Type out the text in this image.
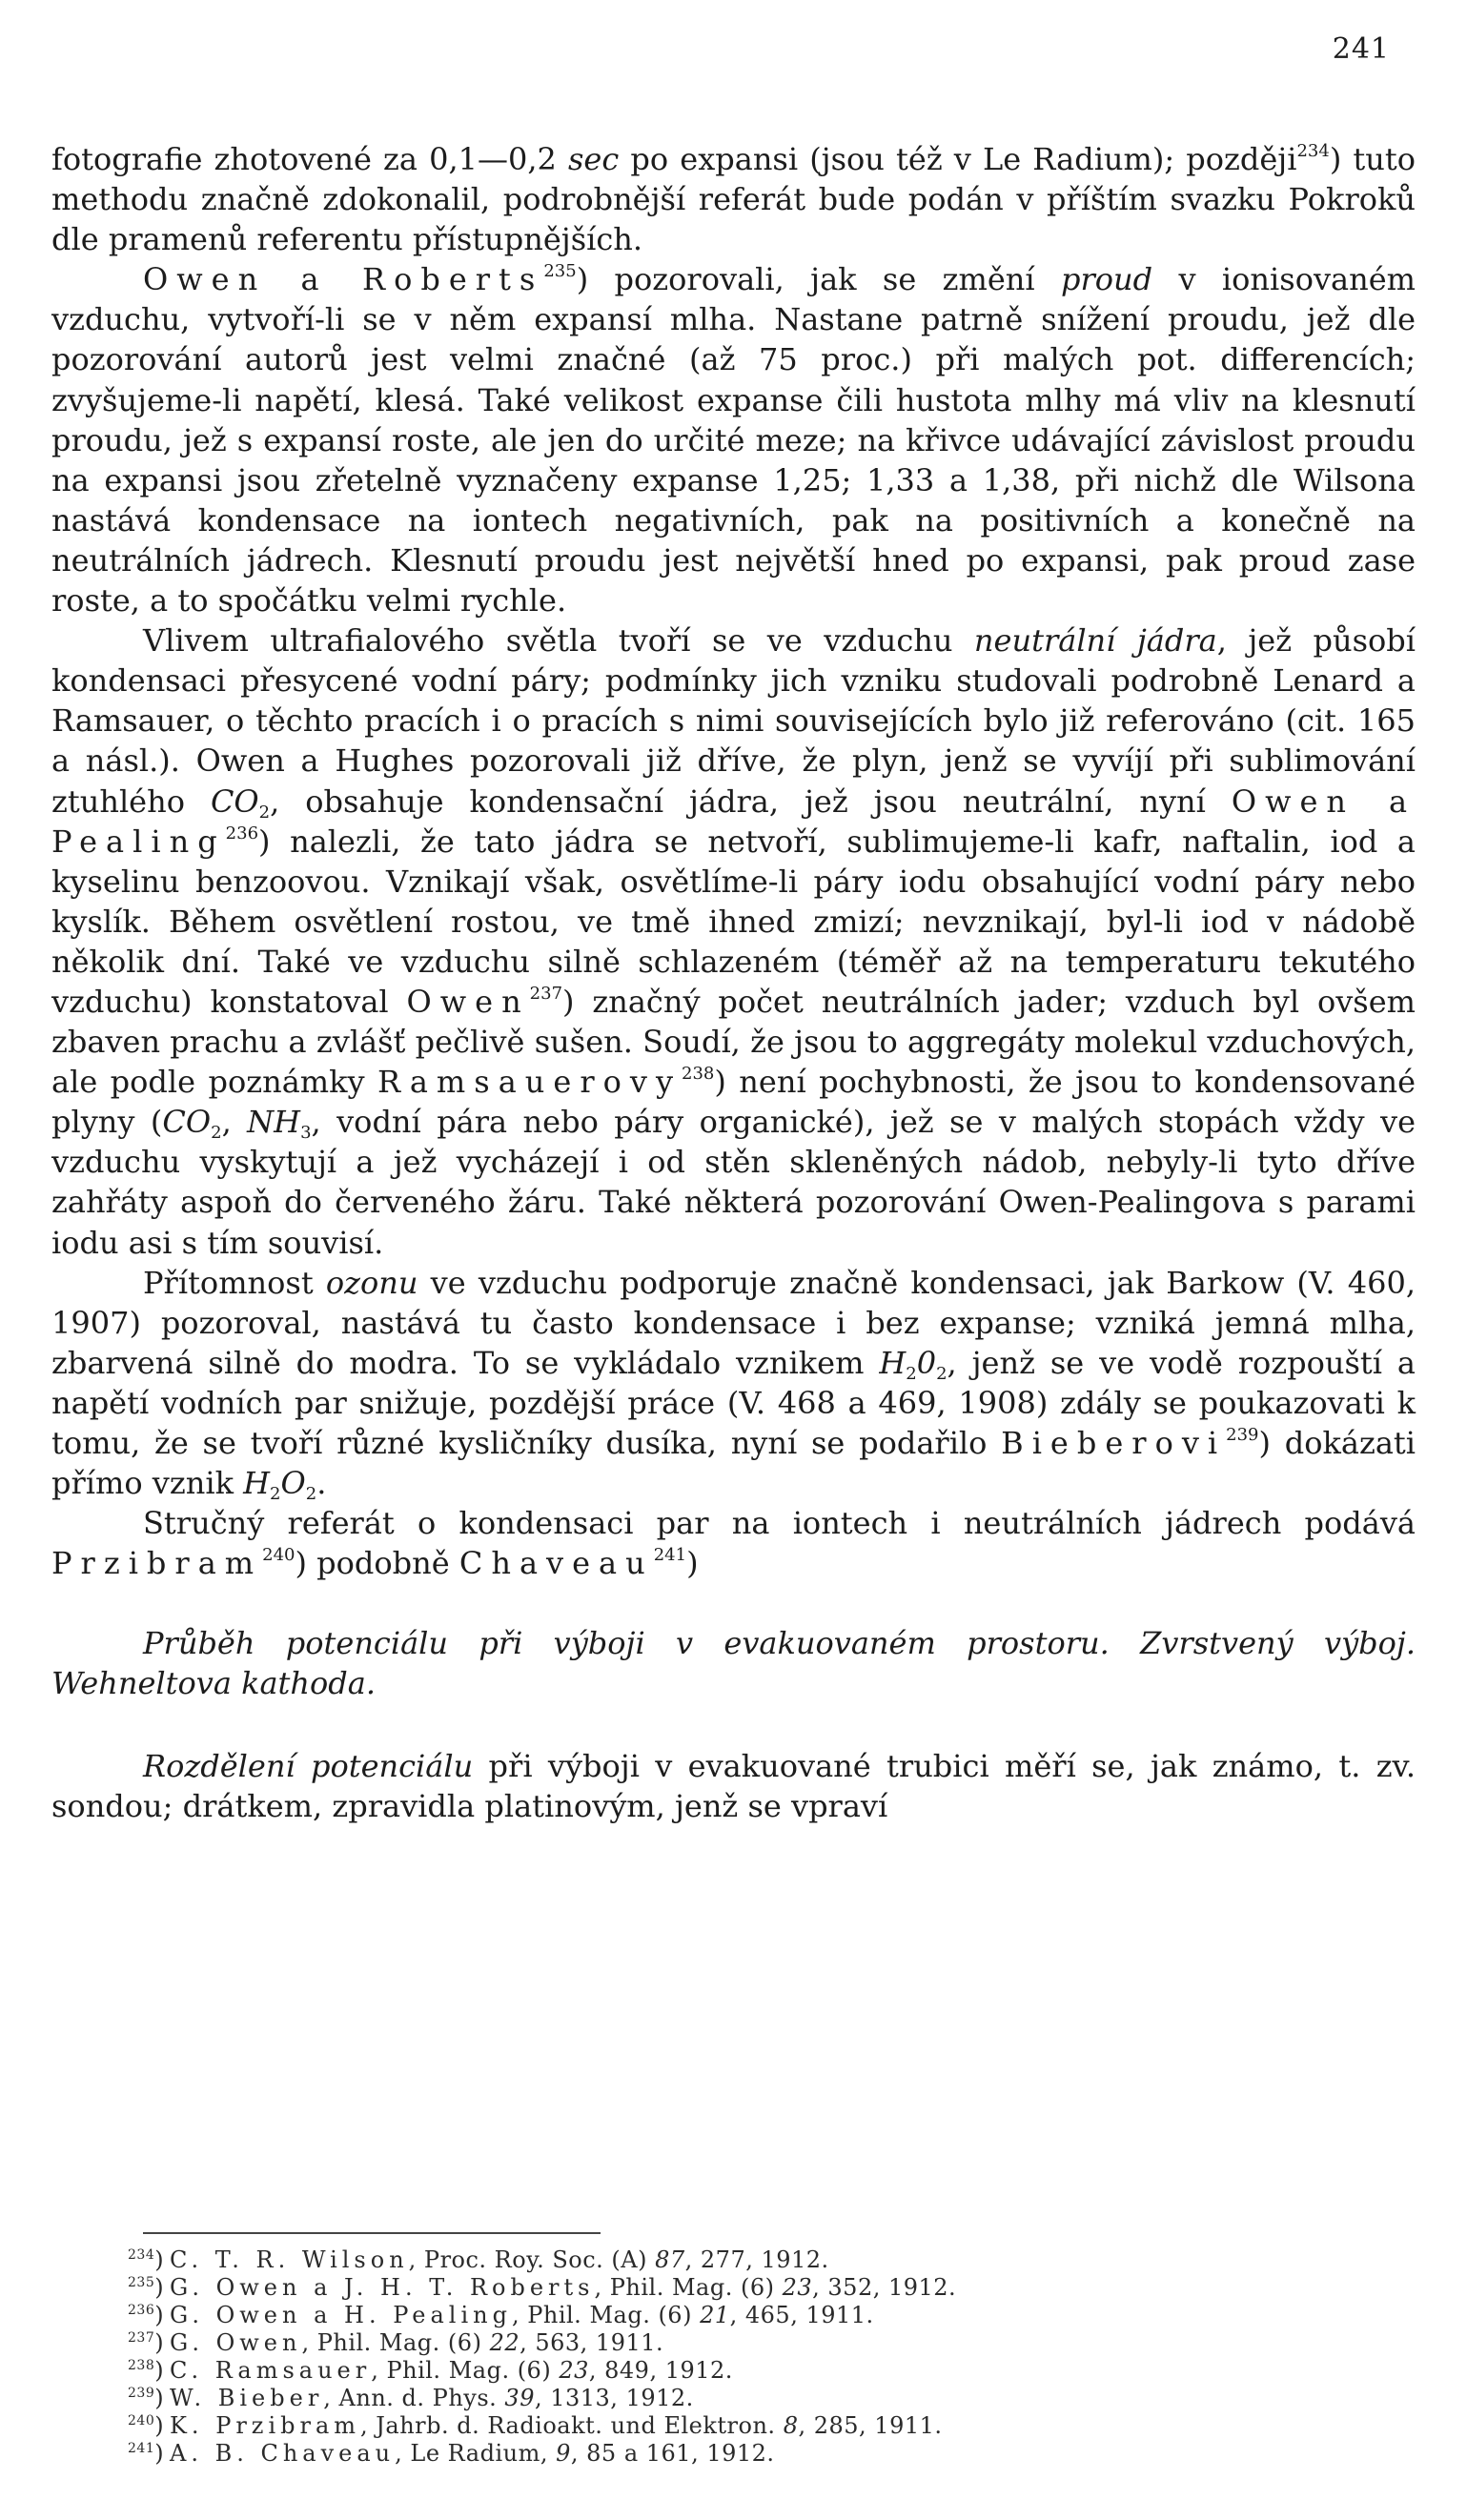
241

fotografie zhotovené za 0,1—0,2 sec po expansi (jsou též v Le Radium); později$^{234}$) tuto methodu značně zdokonalil, podrobnější referát bude podán v příštím svazku Pokroků dle pramenů referentu přístupnějších.

Owen a Roberts$^{235}$) pozorovali, jak se změní proud v ionisovaném vzduchu, vytvoří-li se v něm expansí mlha. Nastane patrně snížení proudu, jež dle pozorování autorů jest velmi značné (až 75 proc.) při malých pot. differencích; zvyšujeme-li napětí, klesá. Také velikost expanse čili hustota mlhy má vliv na klesnutí proudu, jež s expansí roste, ale jen do určité meze; na křivce udávající závislost proudu na expansi jsou zřetelně vyznačeny expanse 1,25; 1,33 a 1,38, při nichž dle Wilsona nastává kondensace na iontech negativních, pak na positivních a konečně na neutrálních jádrech. Klesnutí proudu jest největší hned po expansi, pak proud zase roste, a to spočátku velmi rychle.

Vlivem ultrafialového světla tvoří se ve vzduchu neutrální jádra, jež působí kondensaci přesycené vodní páry; podmínky jich vzniku studovali podrobně Lenard a Ramsauer, o těchto pracích i o pracích s nimi souvisejících bylo již referováno (cit. 165 a násl.). Owen a Hughes pozorovali již dříve, že plyn, jenž se vyvíjí při sublimování ztuhlého $CO_2$, obsahuje kondensační jádra, jež jsou neutrální, nyní Owen a Pealing$^{236}$) nalezli, že tato jádra se netvoří, sublimujeme-li kafr, naftalin, iod a kyselinu benzoovou. Vznikají však, osvětlíme-li páry iodu obsahující vodní páry nebo kyslík. Během osvětlení rostou, ve tmě ihned zmizí; nevznikají, byl-li iod v nádobě několik dní. Také ve vzduchu silně schlazeném (téměř až na temperaturu tekutého vzduchu) konstatoval Owen$^{237}$) značný počet neutrálních jader; vzduch byl ovšem zbaven prachu a zvlášť pečlivě sušen. Soudí, že jsou to aggregáty molekul vzduchových, ale podle poznámky Ramsauerovy$^{238}$) není pochybnosti, že jsou to kondensované plyny ($CO_2$, $NH_3$, vodní pára nebo páry organické), jež se v malých stopách vždy ve vzduchu vyskytují a jež vycházejí i od stěn skleněných nádob, nebyly-li tyto dříve zahřáty aspoň do červeného žáru. Také některá pozorování Owen-Pealingova s parami iodu asi s tím souvisí.

Přítomnost ozonu ve vzduchu podporuje značně kondensaci, jak Barkow (V. 460, 1907) pozoroval, nastává tu často kondensace i bez expanse; vzniká jemná mlha, zbarvená silně do modra. To se vykládalo vznikem $H_20_2$, jenž se ve vodě rozpouští a napětí vodních par snižuje, pozdější práce (V. 468 a 469, 1908) zdály se poukazovati k tomu, že se tvoří různé kysličníky dusíka, nyní se podařilo Bieberovi$^{239}$) dokázati přímo vznik $H_2O_2$.

Stručný referát o kondensaci par na iontech i neutrálních jádrech podává Przibram$^{240}$) podobně Chaveau$^{241}$)

Průběh potenciálu při výboji v evakuovaném prostoru. Zvrstvený výboj. Wehneltova kathoda.

Rozdělení potenciálu při výboji v evakuované trubici měří se, jak známo, t. zv. sondou; drátkem, zpravidla platinovým, jenž se vpraví

$^{234}$) C. T. R. Wilson, Proc. Roy. Soc. (A) 87, 277, 1912.

$^{235}$) G. Owen a J. H. T. Roberts, Phil. Mag. (6) 23, 352, 1912.

$^{236}$) G. Owen a H. Pealing, Phil. Mag. (6) 21, 465, 1911.

$^{237}$) G. Owen, Phil. Mag. (6) 22, 563, 1911.

$^{238}$) C. Ramsauer, Phil. Mag. (6) 23, 849, 1912.

$^{239}$) W. Bieber, Ann. d. Phys. 39, 1313, 1912.

$^{240}$) K. Przibram, Jahrb. d. Radioakt. und Elektron. 8, 285, 1911.

$^{241}$) A. B. Chaveau, Le Radium, 9, 85 a 161, 1912.
